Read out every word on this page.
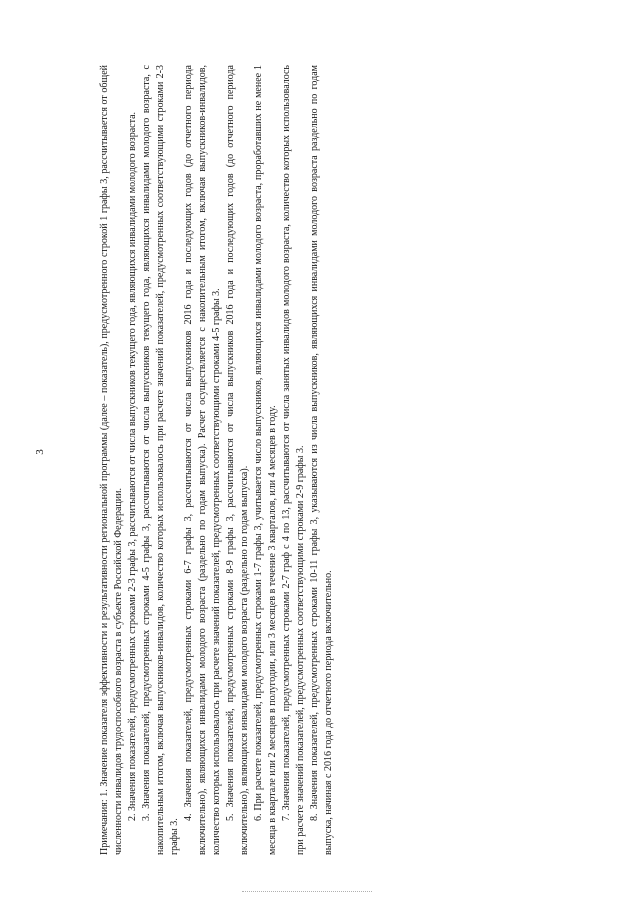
3

Примечания: 1. Значение показателя эффективности и результативности региональной программы (далее – показатель), предусмотренного строкой 1 графы 3, рассчитывается от общей численности инвалидов трудоспособного возраста в субъекте Российской Федерации. 2. Значения показателей, предусмотренных строками 2-3 графы 3, рассчитываются от числа выпускников текущего года, являющихся инвалидами молодого возраста. 3. Значения показателей, предусмотренных строками 4-5 графы 3, рассчитываются от числа выпускников текущего года, являющихся инвалидами молодого возраста, с накопительным итогом, включая выпускников-инвалидов, количество которых использовалось при расчете значений показателей, предусмотренных соответствующими строками 2-3 графы 3.

4. Значения показателей, предусмотренных строками 6-7 графы 3, рассчитываются от числа выпускников 2016 года и последующих годов (до отчетного периода включительно), являющихся инвалидами молодого возраста (раздельно по годам выпуска). Расчет осуществляется с накопительным итогом, включая выпускников-инвалидов, количество которых использовалось при расчете значений показателей, предусмотренных соответствующими строками 4-5 графы 3. 5. Значения показателей, предусмотренных строками 8-9 графы 3, рассчитываются от числа выпускников 2016 года и последующих годов (до отчетного периода включительно), являющихся инвалидами молодого возраста (раздельно по годам выпуска). 6. При расчете показателей, предусмотренных строками 1-7 графы 3, учитывается число выпускников, являющихся инвалидами молодого возраста, проработавших не менее 1 месяца в квартале или 2 месяцев в полугодии, или 3 месяцев в течение 3 кварталов, или 4 месяцев в году. 7. Значения показателей, предусмотренных строками 2-7 граф с 4 по 13, рассчитываются от числа занятых инвалидов молодого возраста, количество которых использовалось при расчете значений показателей, предусмотренных соответствующими строками 2-9 графы 3. 8. Значения показателей, предусмотренных строками 10-11 графы 3, указываются из числа выпускников, являющихся инвалидами молодого возраста раздельно по годам выпуска, начиная с 2016 года до отчетного периода включительно.
